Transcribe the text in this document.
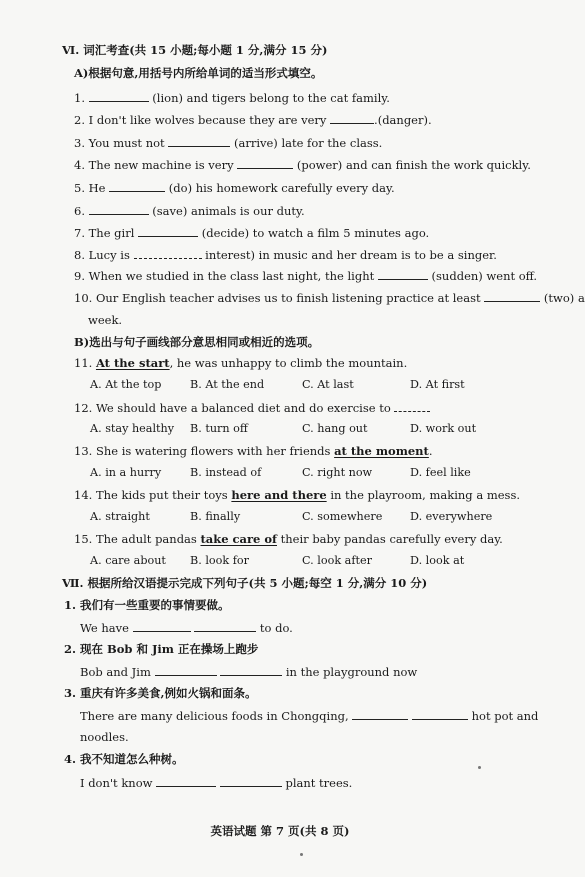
Ⅵ. 词汇考查(共 15 小题;每小题 1 分,满分 15 分)
A)根据句意,用括号内所给单词的适当形式填空。
1.	(lion) and tigers belong to the cat family.
2. I don't like wolves because they are very	.(danger).
3. You must not	(arrive) late for the class.
4. The new machine is very	(power) and can finish the work quickly.
5. He	(do) his homework carefully every day.
6.	(save) animals is our duty.
7. The girl	(decide) to watch a film 5 minutes ago.
8. Lucy is	interest) in music and her dream is to be a singer.
9. When we studied in the class last night, the light	(sudden) went off.
10. Our English teacher advises us to finish listening practice at least	(two) a
week.
B)选出与句子画线部分意思相同或相近的选项。
11. At the start, he was unhappy to climb the mountain.
A. At the top	B. At the end	C. At last	D. At first
12. We should have a balanced diet and do exercise to
A. stay healthy B. turn off	C. hang out	D. work out
13. She is watering flowers with her friends at the moment.
A. in a hurry	B. instead of	C. right now	D. feel like
14. The kids put their toys here and there in the playroom, making a mess.
A. straight	B. finally	C. somewhere D. everywhere
15. The adult pandas take care of their baby pandas carefully every day.
A. care about B. look for	C. look after	D. look at
Ⅶ. 根据所给汉语提示完成下列句子(共 5 小题;每空 1 分,满分 10 分)
1. 我们有一些重要的事情要做。
We have	to do.
2. 现在 Bob 和 Jim 正在操场上跑步
Bob and Jim	in the playground now
3. 重庆有许多美食,例如火锅和面条。
There are many delicious foods in Chongqing,	hot pot and
noodles.
4. 我不知道怎么种树。
I don't know	plant trees.
英语试题 第 7 页(共 8 页)
